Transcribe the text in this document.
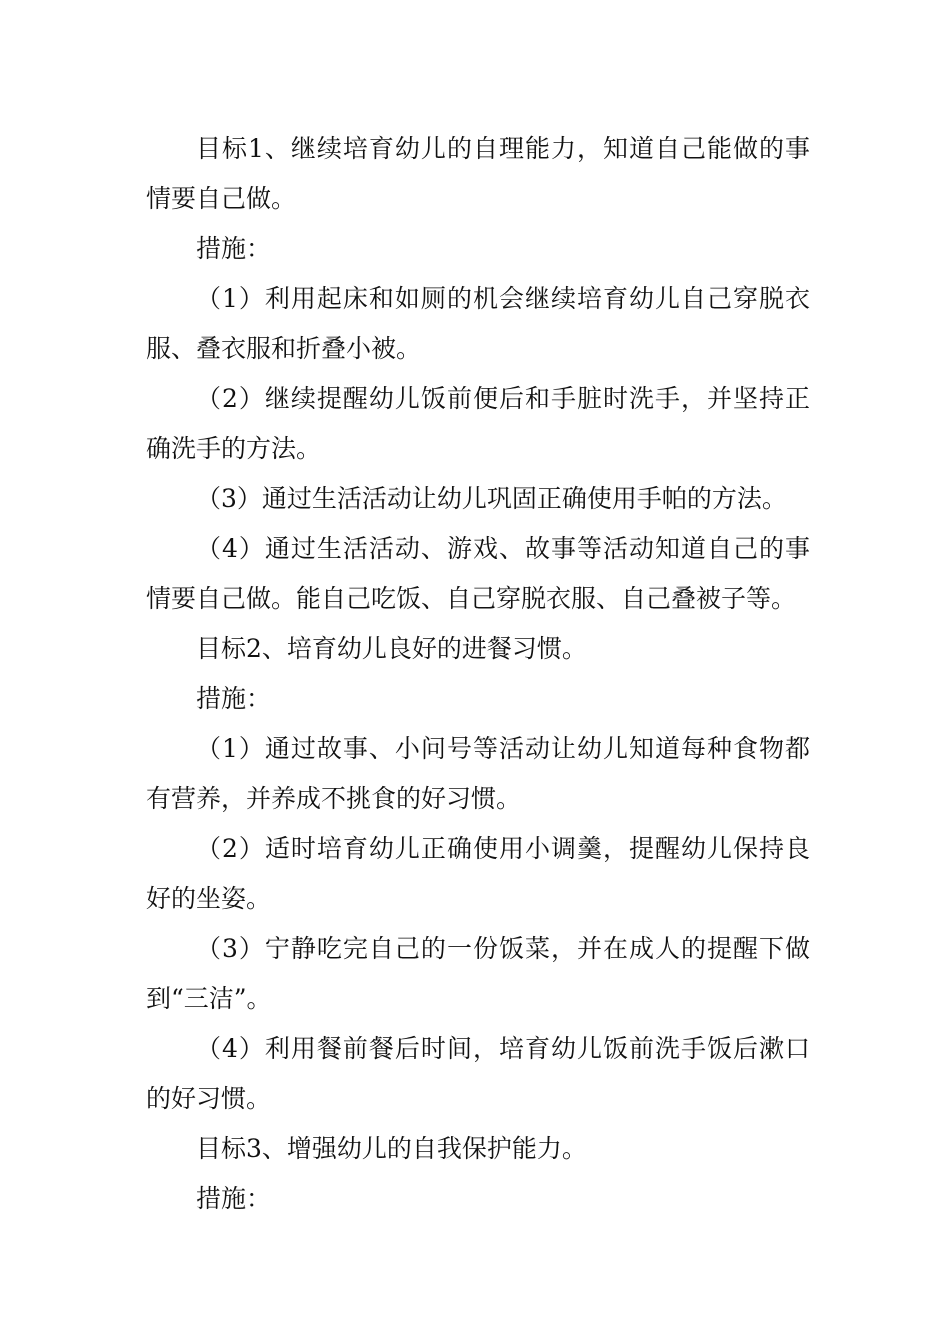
目标1、继续培育幼儿的自理能力，知道自己能做的事情要自己做。

措施：

（1）利用起床和如厕的机会继续培育幼儿自己穿脱衣服、叠衣服和折叠小被。

（2）继续提醒幼儿饭前便后和手脏时洗手，并坚持正确洗手的方法。

（3）通过生活活动让幼儿巩固正确使用手帕的方法。

（4）通过生活活动、游戏、故事等活动知道自己的事情要自己做。能自己吃饭、自己穿脱衣服、自己叠被子等。

目标2、培育幼儿良好的进餐习惯。

措施：

（1）通过故事、小问号等活动让幼儿知道每种食物都有营养，并养成不挑食的好习惯。

（2）适时培育幼儿正确使用小调羹，提醒幼儿保持良好的坐姿。

（3）宁静吃完自己的一份饭菜，并在成人的提醒下做到“三洁”。

（4）利用餐前餐后时间，培育幼儿饭前洗手饭后漱口的好习惯。

目标3、增强幼儿的自我保护能力。

措施：
